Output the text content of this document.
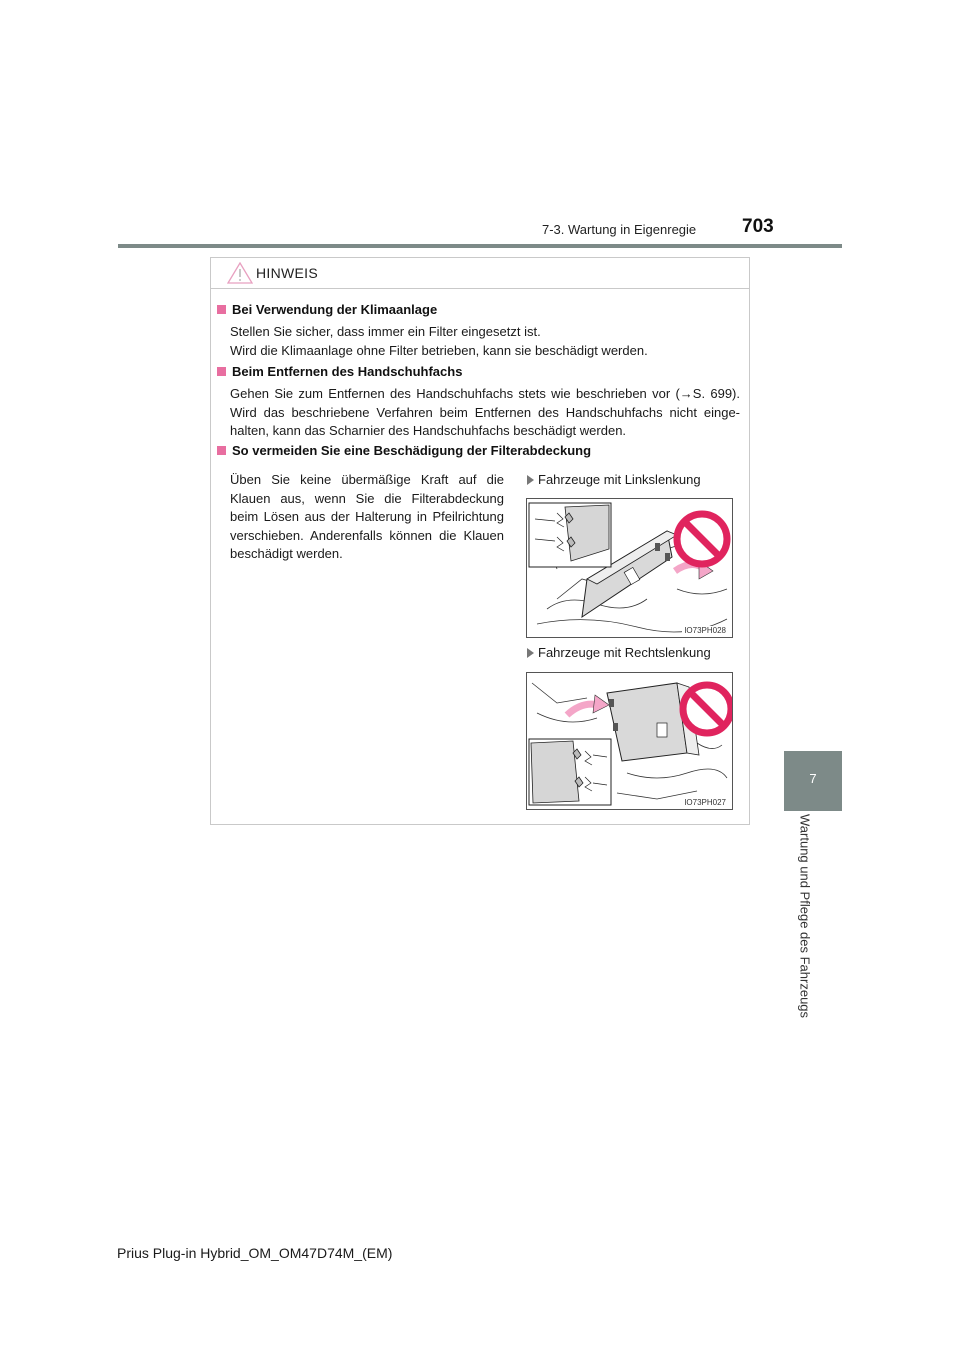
7-3. Wartung in Eigenregie 703
7
Wartung und Pflege des Fahrzeugs
HINWEIS
Bei Verwendung der Klimaanlage
Stellen Sie sicher, dass immer ein Filter eingesetzt ist.
Wird die Klimaanlage ohne Filter betrieben, kann sie beschädigt werden.
Beim Entfernen des Handschuhfachs
Gehen Sie zum Entfernen des Handschuhfachs stets wie beschrieben vor (→S. 699). Wird das beschriebene Verfahren beim Entfernen des Handschuhfachs nicht einge-halten, kann das Scharnier des Handschuhfachs beschädigt werden.
So vermeiden Sie eine Beschädigung der Filterabdeckung
Üben Sie keine übermäßige Kraft auf die Klauen aus, wenn Sie die Filterabdeckung beim Lösen aus der Halterung in Pfeilrichtung verschieben. Anderenfalls können die Klauen beschädigt werden.
Fahrzeuge mit Linkslenkung
IO73PH028
Fahrzeuge mit Rechtslenkung
IO73PH027
Prius Plug-in Hybrid_OM_OM47D74M_(EM)
